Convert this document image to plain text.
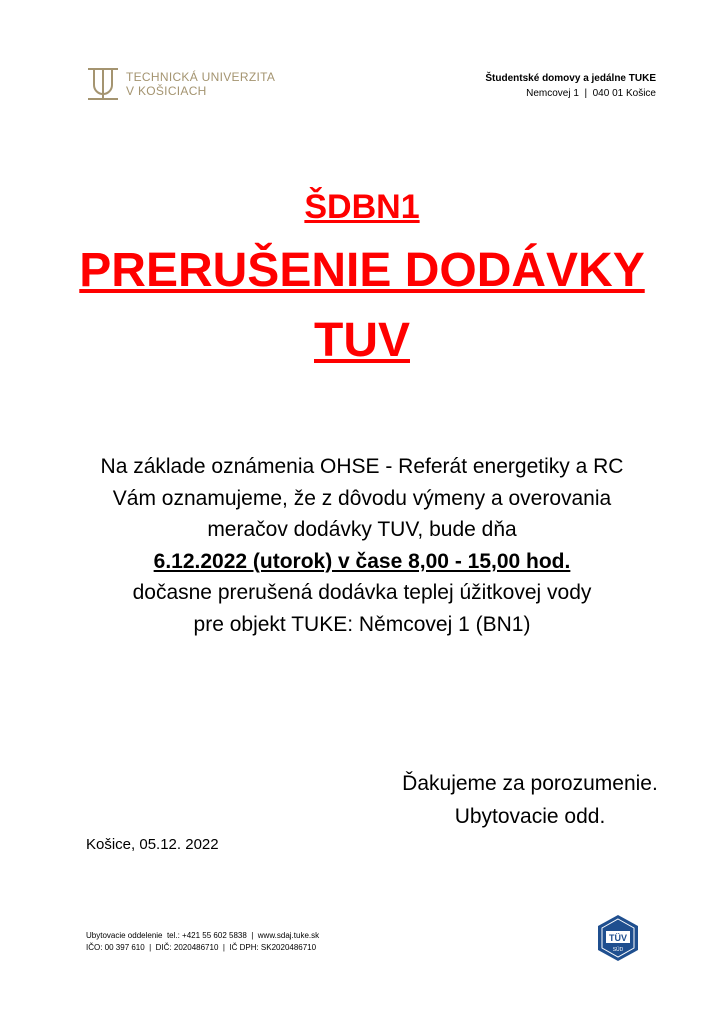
TECHNICKÁ UNIVERZITA
V KOŠICIACH
Študentské domovy a jedálne TUKE
Nemcovej 1  |  040 01 Košice
ŠDBN1
PRERUŠENIE DODÁVKY
TUV
Na základe oznámenia OHSE - Referát energetiky a RC
Vám oznamujeme, že z dôvodu výmeny a overovania
meračov dodávky TUV, bude dňa
6.12.2022 (utorok) v čase 8,00 - 15,00 hod.
dočasne prerušená dodávka teplej úžitkovej vody
pre objekt TUKE: Němcovej 1 (BN1)
Ďakujeme za porozumenie.
Ubytovacie odd.
Košice, 05.12. 2022
Ubytovacie oddelenie  tel.: +421 55 602 5838  |  www.sdaj.tuke.sk
IČO: 00 397 610  |  DIČ: 2020486710  |  IČ DPH: SK2020486710
TÜV
SÜD
